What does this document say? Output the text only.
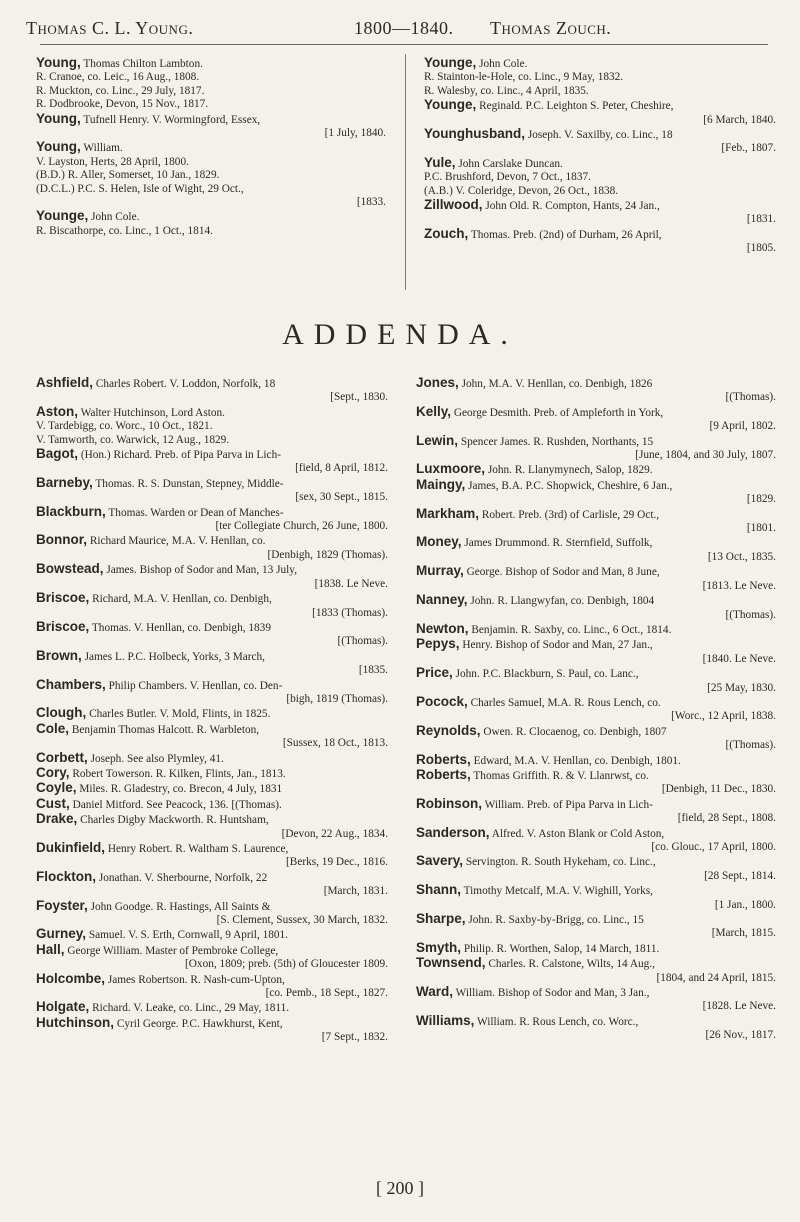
Thomas C. L. Young.	1800—1840. Thomas Zouch.
Young, Thomas Chilton Lambton.
R. Cranoe, co. Leic., 16 Aug., 1808.
R. Muckton, co. Linc., 29 July, 1817.
R. Dodbrooke, Devon, 15 Nov., 1817.
Young, Tufnell Henry. V. Wormingford, Essex,
[1 July, 1840.
Young, William.
V. Layston, Herts, 28 April, 1800.
(B.D.) R. Aller, Somerset, 10 Jan., 1829.
(D.C.L.) P.C. S. Helen, Isle of Wight, 29 Oct.,
[1833.
Younge, John Cole.
R. Biscathorpe, co. Linc., 1 Oct., 1814.
Younge, John Cole.
R. Stainton-le-Hole, co. Linc., 9 May, 1832.
R. Walesby, co. Linc., 4 April, 1835.
Younge, Reginald. P.C. Leighton S. Peter, Cheshire,
[6 March, 1840.
Younghusband, Joseph. V. Saxilby, co. Linc., 18
[Feb., 1807.
Yule, John Carslake Duncan.
P.C. Brushford, Devon, 7 Oct., 1837.
(A.B.) V. Coleridge, Devon, 26 Oct., 1838.
Zillwood, John Old. R. Compton, Hants, 24 Jan.,
[1831.
Zouch, Thomas. Preb. (2nd) of Durham, 26 April,
[1805.
ADDENDA.
Ashfield, Charles Robert. V. Loddon, Norfolk, 18
[Sept., 1830.
Aston, Walter Hutchinson, Lord Aston.
V. Tardebigg, co. Worc., 10 Oct., 1821.
V. Tamworth, co. Warwick, 12 Aug., 1829.
Bagot, (Hon.) Richard. Preb. of Pipa Parva in Lich-
[field, 8 April, 1812.
Barneby, Thomas. R. S. Dunstan, Stepney, Middle-
[sex, 30 Sept., 1815.
Blackburn, Thomas. Warden or Dean of Manches-
[ter Collegiate Church, 26 June, 1800.
Bonnor, Richard Maurice, M.A. V. Henllan, co.
[Denbigh, 1829 (Thomas).
Bowstead, James. Bishop of Sodor and Man, 13 July,
[1838. Le Neve.
Briscoe, Richard, M.A. V. Henllan, co. Denbigh,
[1833 (Thomas).
Briscoe, Thomas. V. Henllan, co. Denbigh, 1839
[(Thomas).
Brown, James L. P.C. Holbeck, Yorks, 3 March,
[1835.
Chambers, Philip Chambers. V. Henllan, co. Den-
[bigh, 1819 (Thomas).
Clough, Charles Butler. V. Mold, Flints, in 1825.
Cole, Benjamin Thomas Halcott. R. Warbleton,
[Sussex, 18 Oct., 1813.
Corbett, Joseph. See also Plymley, 41.
Cory, Robert Towerson. R. Kilken, Flints, Jan., 1813.
Coyle, Miles. R. Gladestry, co. Brecon, 4 July, 1831
Cust, Daniel Mitford. See Peacock, 136. [(Thomas).
Drake, Charles Digby Mackworth. R. Huntsham,
[Devon, 22 Aug., 1834.
Dukinfield, Henry Robert. R. Waltham S. Laurence,
[Berks, 19 Dec., 1816.
Flockton, Jonathan. V. Sherbourne, Norfolk, 22
[March, 1831.
Foyster, John Goodge. R. Hastings, All Saints &
[S. Clement, Sussex, 30 March, 1832.
Gurney, Samuel. V. S. Erth, Cornwall, 9 April, 1801.
Hall, George William. Master of Pembroke College,
[Oxon, 1809; preb. (5th) of Gloucester 1809.
Holcombe, James Robertson. R. Nash-cum-Upton,
[co. Pemb., 18 Sept., 1827.
Holgate, Richard. V. Leake, co. Linc., 29 May, 1811.
Hutchinson, Cyril George. P.C. Hawkhurst, Kent,
[7 Sept., 1832.
Jones, John, M.A. V. Henllan, co. Denbigh, 1826
[(Thomas).
Kelly, George Desmith. Preb. of Ampleforth in York,
[9 April, 1802.
Lewin, Spencer James. R. Rushden, Northants, 15
[June, 1804, and 30 July, 1807.
Luxmoore, John. R. Llanymynech, Salop, 1829.
Maingy, James, B.A. P.C. Shopwick, Cheshire, 6 Jan.,
[1829.
Markham, Robert. Preb. (3rd) of Carlisle, 29 Oct.,
[1801.
Money, James Drummond. R. Sternfield, Suffolk,
[13 Oct., 1835.
Murray, George. Bishop of Sodor and Man, 8 June,
[1813. Le Neve.
Nanney, John. R. Llangwyfan, co. Denbigh, 1804
[(Thomas).
Newton, Benjamin. R. Saxby, co. Linc., 6 Oct., 1814.
Pepys, Henry. Bishop of Sodor and Man, 27 Jan.,
[1840. Le Neve.
Price, John. P.C. Blackburn, S. Paul, co. Lanc.,
[25 May, 1830.
Pocock, Charles Samuel, M.A. R. Rous Lench, co.
[Worc., 12 April, 1838.
Reynolds, Owen. R. Clocaenog, co. Denbigh, 1807
[(Thomas).
Roberts, Edward, M.A. V. Henllan, co. Denbigh, 1801.
Roberts, Thomas Griffith. R. & V. Llanrwst, co.
[Denbigh, 11 Dec., 1830.
Robinson, William. Preb. of Pipa Parva in Lich-
[field, 28 Sept., 1808.
Sanderson, Alfred. V. Aston Blank or Cold Aston,
[co. Glouc., 17 April, 1800.
Savery, Servington. R. South Hykeham, co. Linc.,
[28 Sept., 1814.
Shann, Timothy Metcalf, M.A. V. Wighill, Yorks,
[1 Jan., 1800.
Sharpe, John. R. Saxby-by-Brigg, co. Linc., 15
[March, 1815.
Smyth, Philip. R. Worthen, Salop, 14 March, 1811.
Townsend, Charles. R. Calstone, Wilts, 14 Aug.,
[1804, and 24 April, 1815.
Ward, William. Bishop of Sodor and Man, 3 Jan.,
[1828. Le Neve.
Williams, William. R. Rous Lench, co. Worc.,
[26 Nov., 1817.
[ 200 ]
